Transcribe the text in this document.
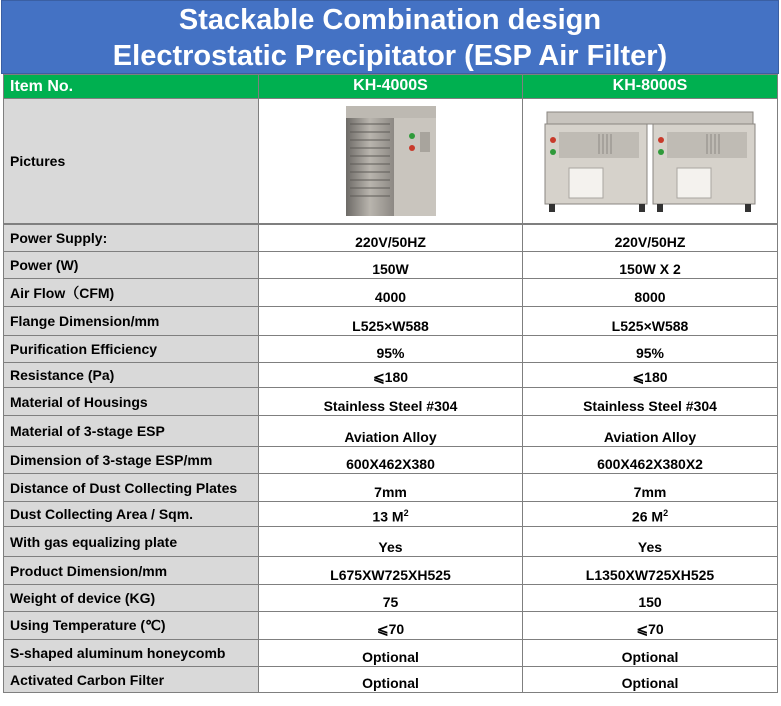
Stackable Combination design
Electrostatic Precipitator (ESP Air Filter)
Item No.	KH-4000S	KH-8000S
Pictures		
Power Supply:	220V/50HZ	220V/50HZ
Power (W)	150W	150W X 2
Air Flow（CFM)	4000	8000
Flange Dimension/mm	L525×W588	L525×W588
Purification Efficiency	95%	95%
Resistance (Pa)	⩽180	⩽180
Material of Housings	Stainless Steel #304	Stainless Steel #304
Material of 3-stage ESP	Aviation Alloy	Aviation Alloy
Dimension of 3-stage ESP/mm	600X462X380	600X462X380X2
Distance of Dust Collecting Plates	7mm	7mm
Dust Collecting Area / Sqm.	13 $M^2$	26 $M^2$
With gas equalizing plate	Yes	Yes
Product Dimension/mm	L675XW725XH525	L1350XW725XH525
Weight of device (KG)	75	150
Using Temperature (℃)	⩽70	⩽70
S-shaped aluminum honeycomb	Optional	Optional
Activated Carbon Filter	Optional	Optional
